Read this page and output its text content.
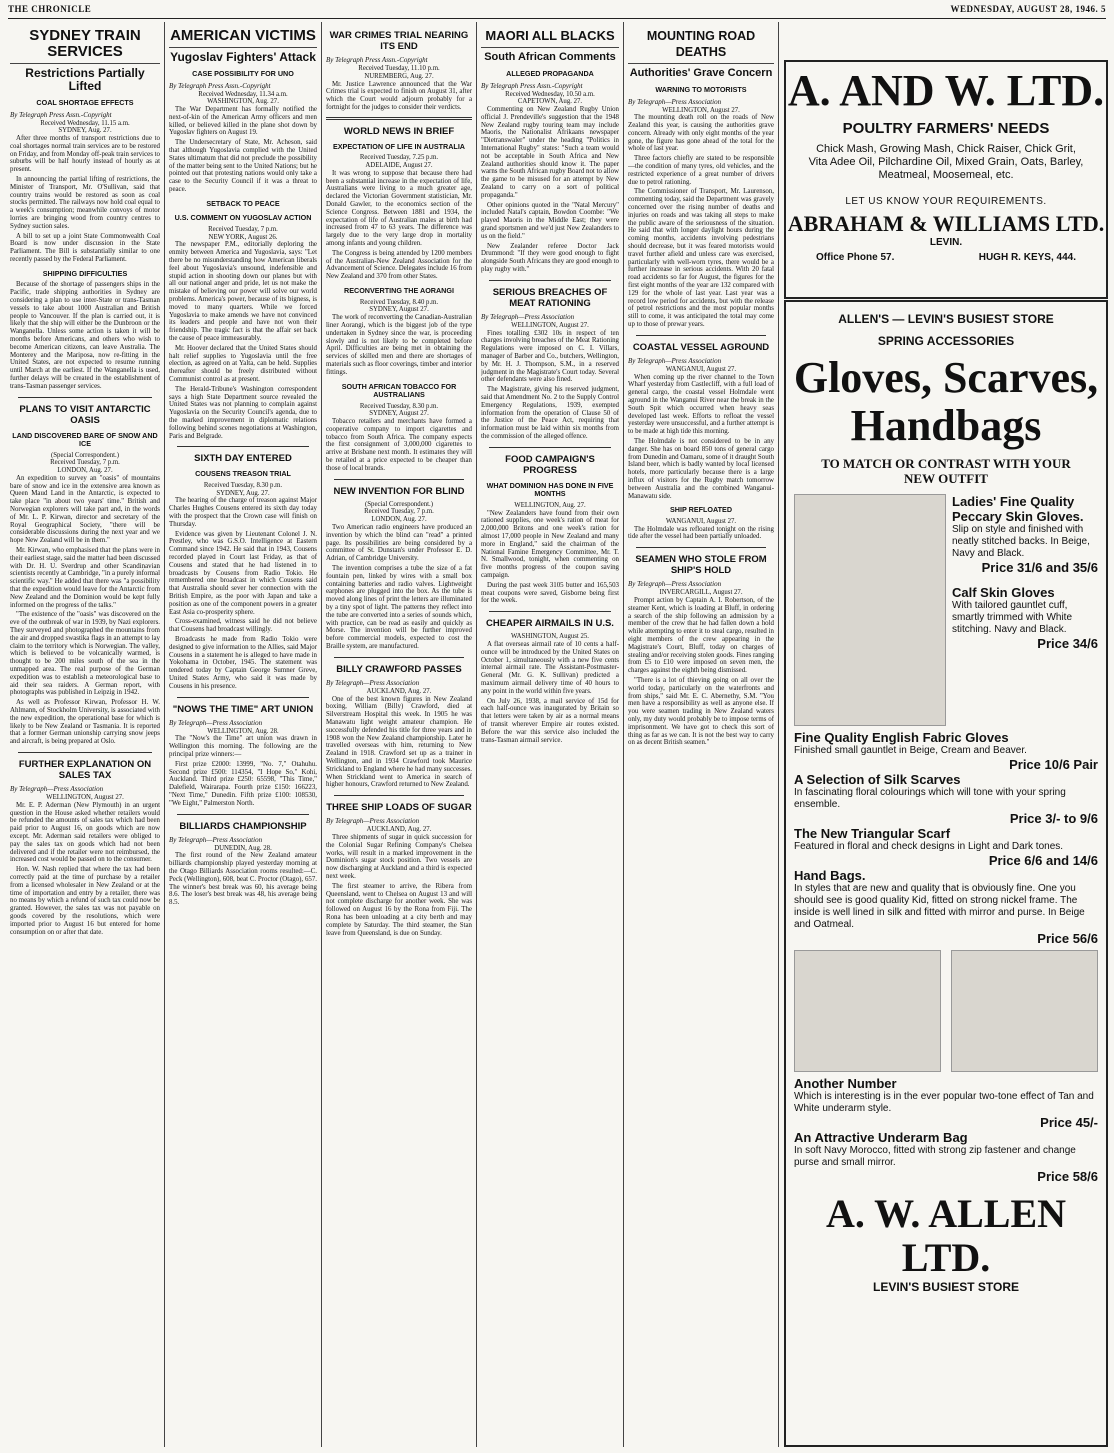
THE CHRONICLE	WEDNESDAY, AUGUST 28, 1946. 5
SYDNEY TRAIN SERVICES
Restrictions Partially Lifted
COAL SHORTAGE EFFECTS
By Telegraph Press Assn.-Copyright
Received Wednesday, 11.15 a.m.
SYDNEY, Aug. 27.

After three months of transport restrictions due to coal shortages normal train services are to be restored on Friday, and from Monday off-peak train services to suburbs will be half hourly instead of hourly as at present.

In announcing the partial lifting of restrictions, the Minister of Transport, Mr. O'Sullivan, said that country trains would be restored as soon as coal stocks permitted. The railways now hold coal equal to a week's consumption; meanwhile convoys of motor lorries are bringing wood from country centres to Sydney suction sales.

A bill to set up a joint State Commonwealth Coal Board is now under discussion in the State Parliament. The Bill is substantially similar to one recently passed by the Federal Parliament.

SHIPPING DIFFICULTIES

Because of the shortage of passengers ships in the Pacific, trade shipping authorities in Sydney are considering a plan to use inter-State or trans-Tasman vessels to take about 1000 Australian and British people to Vancouver. If the plan is carried out, it is likely that the ship will either be the Dunbroon or the Wanganella. Unless some action is taken it will be months before Americans, and others who wish to become American citizens, can leave Australia. The Monterey and the Mariposa, now re-fitting in the United States, are not expected to resume running until March at the earliest. If the Wanganella is used, further delays will be created in the establishment of trans-Tasman passenger services.

PLANS TO VISIT ANTARCTIC OASIS
LAND DISCOVERED BARE OF SNOW AND ICE
(Special Correspondent.)
Received Tuesday, 7 p.m.
LONDON, Aug. 27.

An expedition to survey an "oasis" of mountains bare of snow and ice in the extensive area known as Queen Maud Land in the Antarctic, is expected to take place "in about two years' time." British and Norwegian explorers will take part and, in the words of Mr. L. P. Kirwan, director and secretary of the Royal Geographical Society, "there will be considerable discussions during the next year and we hope New Zealand will be in them."

Mr. Kirwan, who emphasised that the plans were in their earliest stage, said the matter had been discussed with Dr. H. U. Sverdrup and other Scandinavian scientists recently at Cambridge, "in a purely informal scientific way." He added that there was "a possibility that the expedition would leave for the Antarctic from New Zealand and the Dominion would be kept fully informed on the progress of the talks."

"The existence of the "oasis" was discovered on the eve of the outbreak of war in 1939, by Nazi explorers. They surveyed and photographed the mountains from the air and dropped swastika flags in an attempt to lay claim to the territory which is Norwegian. The valley, which is believed to be volcanically warmed, is thought to be 200 miles south of the sea in the unmapped area. The real purpose of the German expedition was to establish a meteorological base to aid their sea raiders. A German report, with photographs was published in Leipzig in 1942.

As well as Professor Kirwan, Professor H. W. Ahlmann, of Stockholm University, is associated with the new expedition, the operational base for which is likely to be New Zealand or Tasmania. It is reported that a former German unionship carrying snow jeeps and aircraft, is being prepared at Oslo.

FURTHER EXPLANATION ON SALES TAX
By Telegraph—Press Association
WELLINGTON, August 27.

Mr. E. P. Aderman (New Plymouth) in an urgent question in the House asked whether retailers would be refunded the amounts of sales tax which had been paid prior to August 16, on goods which are now except. Mr. Aderman said retailers were obliged to pay the sales tax on goods which had not been delivered and if the retailer were not reimbursed, the increased cost would be passed on to the consumer.

Hon. W. Nash replied that where the tax had been correctly paid at the time of purchase by a retailer from a licensed wholesaler in New Zealand or at the time of importation and entry by a retailer, there was no means by which a refund of such tax could now be granted. However, the sales tax was not payable on goods covered by the resolutions, which were imported prior to August 16 but entered for home consumption on or after that date.

AMERICAN VICTIMS
Yugoslav Fighters' Attack
CASE POSSIBILITY FOR UNO
By Telegraph Press Assn.-Copyright
Received Wednesday, 11.34 a.m.
WASHINGTON, Aug. 27.

The War Department has formally notified the next-of-kin of the American Army officers and men killed, or believed killed in the plane shot down by Yugoslav fighters on August 19.

The Undersecretary of State, Mr. Acheson, said that although Yugoslavia complied with the United States ultimatum that did not preclude the possibility of the matter being sent to the United Nations; but he pointed out that protesting nations would only take a case to the Security Council if it was a threat to peace.

SETBACK TO PEACE
U.S. COMMENT ON YUGOSLAV ACTION
Received Tuesday, 7 p.m.
NEW YORK, August 26.

The newspaper P.M., editorially deploring the enmity between America and Yugoslavia, says: "Let there be no misunderstanding how American liberals feel about Yugoslavia's unsound, indefensible and stupid action in shooting down our planes but with all our national anger and pride, let us not make the mistake of believing our power will solve our world problems. America's power, because of its bigness, is moved to many quarters. While we forced Yugoslavia to make amends we have not convinced its leaders and people and have not won their friendship. The tragic fact is that the affair set back the cause of peace immeasurably.

Mr. Hoover declared that the United States should halt relief supplies to Yugoslavia until the free election, as agreed on at Yalta, can be held. Supplies thereafter should be freely distributed without Communist control as at present.

The Herald-Tribune's Washington correspondent says a high State Department source revealed the United States was not planning to complain against Yugoslavia on the Security Council's agenda, due to the marked improvement in diplomatic relations following behind scenes negotiations at Washington, Paris and Belgrade.

SIXTH DAY ENTERED
COUSENS TREASON TRIAL
Received Tuesday, 8.30 p.m.
SYDNEY, Aug. 27.

The hearing of the charge of treason against Major Charles Hughes Cousens entered its sixth day today with the prospect that the Crown case will finish on Thursday.

Evidence was given by Lieutenant Colonel J. N. Prestley, who was G.S.O. Intelligence at Eastern Command since 1942. He said that in 1943, Cousens recorded played in Court last Friday, as that of Cousens and stated that he had listened in to broadcasts by Cousens from Radio Tokio. He remembered one broadcast in which Cousens said that Australia should sever her connection with the British Empire, as the poor with Japan and take a position as one of the component powers in a greater East Asia co-prosperity sphere.

Cross-examined, witness said he did not believe that Cousens had broadcast willingly.

Broadcasts he made from Radio Tokio were designed to give information to the Allies, said Major Cousens in a statement he is alleged to have made in Yokohama in October, 1945. The statement was tendered today by Captain George Sumner Greve, United States Army, who said it was made by Cousens in his presence.

"NOWS THE TIME" ART UNION
By Telegraph—Press Association
WELLINGTON, Aug. 28.

The "Now's the Time" art union was drawn in Wellington this morning. The following are the principal prize winners:—

First prize £2000: 13999, "No. 7," Otahuhu. Second prize £500: 114354, "I Hope So," Kohi, Auckland. Third prize £250: 65598, "This Time," Dalefield, Wairarapa. Fourth prize £150: 166223, "Next Time," Dunedin. Fifth prize £100: 108530, "We Eight," Palmerston North.

BILLIARDS CHAMPIONSHIP
By Telegraph—Press Association
DUNEDIN, Aug. 28.

The first round of the New Zealand amateur billiards championship played yesterday morning at the Otago Billiards Association rooms resulted:—C. Peck (Wellington), 608, beat C. Proctor (Otago), 657. The winner's best break was 60, his average being 8.6. The loser's best break was 48, his average being 8.5.

WAR CRIMES TRIAL NEARING ITS END
By Telegraph Press Assn.-Copyright
Received Tuesday, 11.10 p.m.
NUREMBERG, Aug. 27.

Mr. Justice Lawrence announced that the War Crimes trial is expected to finish on August 31, after which the Court would adjourn probably for a fortnight for the judges to consider their verdicts.

WORLD NEWS IN BRIEF
EXPECTATION OF LIFE IN AUSTRALIA
Received Tuesday, 7.25 p.m.
ADELAIDE, August 27.

It was wrong to suppose that because there had been a substantial increase in the expectation of life, Australians were living to a much greater age, declared the Victorian Government statistician, Mr. Donald Gawler, to the economics section of the Science Congress. Between 1881 and 1934, the expectation of life of Australian males at birth had increased from 47 to 63 years. The difference was largely due to the very large drop in mortality among infants and young children.

The Congress is being attended by 1200 members of the Australian-New Zealand Association for the Advancement of Science. Delegates include 16 from New Zealand and 370 from other States.

RECONVERTING THE AORANGI
Received Tuesday, 8.40 p.m.
SYDNEY, August 27.

The work of reconverting the Canadian-Australian liner Aorangi, which is the biggest job of the type undertaken in Sydney since the war, is proceeding slowly and is not likely to be completed before April. Difficulties are being met in obtaining the services of skilled men and there are shortages of materials such as floor coverings, timber and interior fittings.

SOUTH AFRICAN TOBACCO FOR AUSTRALIANS
Received Tuesday, 8.30 p.m.
SYDNEY, August 27.

Tobacco retailers and merchants have formed a cooperative company to import cigarettes and tobacco from South Africa. The company expects the first consignment of 3,000,000 cigarettes to arrive at Brisbane next month. It estimates they will be retailed at a price expected to be cheaper than those of local brands.

NEW INVENTION FOR BLIND
(Special Correspondent.)
Received Tuesday, 7 p.m.
LONDON, Aug. 27.

Two American radio engineers have produced an invention by which the blind can "read" a printed page. Its possibilities are being considered by a committee of St. Dunstan's under Professor E. D. Adrian, of Cambridge University.

The invention comprises a tube the size of a fat fountain pen, linked by wires with a small box containing batteries and radio valves. Lightweight earphones are plugged into the box. As the tube is moved along lines of print the letters are illuminated by a tiny spot of light. The patterns they reflect into the tube are converted into a series of sounds which, with practice, can be read as easily and quickly as Morse. The invention will be further improved before commercial models, expected to cost the Braille system, are manufactured.

BILLY CRAWFORD PASSES
By Telegraph—Press Association
AUCKLAND, Aug. 27.

One of the best known figures in New Zealand boxing, William (Billy) Crawford, died at Silverstream Hospital this week. In 1905 he was Manawatu light weight amateur champion. He successfully defended his title for three years and in 1908 won the New Zealand championship. Later he travelled overseas with him, returning to New Zealand in 1918. Crawford set up as a trainer in Wellington, and in 1934 Crawford took Maurice Strickland to England where he had many successes. When Strickland went to America in search of higher honours, Crawford returned to New Zealand.

THREE SHIP LOADS OF SUGAR
By Telegraph—Press Association
AUCKLAND, Aug. 27.

Three shipments of sugar in quick succession for the Colonial Sugar Refining Company's Chelsea works, will result in a marked improvement in the Dominion's sugar stock position. Two vessels are now discharging at Auckland and a third is expected next week.

The first steamer to arrive, the Ribera from Queensland, went to Chelsea on August 13 and will not complete discharge for another week. She was followed on August 16 by the Rona from Fiji. The Rona has been unloading at a city berth and may complete by Saturday. The third steamer, the Stan leave from Queensland, is due on Sunday.

MAORI ALL BLACKS
South African Comments
ALLEGED PROPAGANDA
By Telegraph Press Assn.-Copyright
Received Wednesday, 10.50 a.m.
CAPETOWN, Aug. 27.

Commenting on New Zealand Rugby Union official J. Prendeville's suggestion that the 1948 New Zealand rugby touring team may include Maoris, the Nationalist Afrikaans newspaper "Dietranswaler" under the heading "Politics in International Rugby" states: "Such a team would not be acceptable in South Africa and New Zealand authorities should know it. The paper warns the South African rugby Board not to allow the game to be misused for an attempt by New Zealand to carry on a sort of political propaganda."

Other opinions quoted in the "Natal Mercury" included Natal's captain, Bowdon Coombe: "We played Maoris in the Middle East; they were grand sportsmen and we'd just New Zealanders to us on the field."

New Zealander referee Doctor Jack Drummond: "If they were good enough to fight alongside South Africans they are good enough to play rugby with."

SERIOUS BREACHES OF MEAT RATIONING
By Telegraph—Press Association
WELLINGTON, August 27.

Fines totalling £302 10s in respect of ten charges involving breaches of the Meat Rationing Regulations were imposed on C. I. Villars, manager of Barber and Co., butchers, Wellington, by Mr. H. J. Thompson, S.M., in a reserved judgment in the Magistrate's Court today. Several other defendants were also fined.

The Magistrate, giving his reserved judgment, said that Amendment No. 2 to the Supply Control Emergency Regulations, 1939, exempted information from the operation of Clause 50 of the Justice of the Peace Act, requiring that information must be laid within six months from the commission of the alleged offence.

FOOD CAMPAIGN'S PROGRESS
WHAT DOMINION HAS DONE IN FIVE MONTHS
WELLINGTON, Aug. 27.

"New Zealanders have found from their own rationed supplies, one week's ration of meat for 2,000,000 Britons and one week's ration for almost 17,000 people in New Zealand and many more in England," said the chairman of the National Famine Emergency Committee, Mr. T. N. Smallwood, tonight, when commenting on five months progress of the coupon saving campaign.

During the past week 3105 butter and 165,503 meat coupons were saved, Gisborne being first for the week.

CHEAPER AIRMAILS IN U.S.
WASHINGTON, August 25.

A flat overseas airmail rate of 10 cents a half-ounce will be introduced by the United States on October 1, simultaneously with a new five cents internal airmail rate. The Assistant-Postmaster-General (Mr. G. K. Sullivan) predicted a maximum airmail delivery time of 40 hours to any point in the world within five years.

On July 26, 1938, a mail service of 15d for each half-ounce was inaugurated by Britain so that letters were taken by air as a normal means of transit wherever Empire air routes existed. Before the war this service also included the trans-Tasman airmail service.

MOUNTING ROAD DEATHS
Authorities' Grave Concern
WARNING TO MOTORISTS
By Telegraph—Press Association
WELLINGTON, August 27.

The mounting death roll on the roads of New Zealand this year, is causing the authorities grave concern. Already with only eight months of the year gone, the figure has gone ahead of the total for the whole of last year.

Three factors chiefly are stated to be responsible—the condition of many tyres, old vehicles, and the restricted experience of a great number of drivers due to petrol rationing.

The Commissioner of Transport, Mr. Laurenson, commenting today, said the Department was gravely concerned over the rising number of deaths and injuries on roads and was taking all steps to make the public aware of the seriousness of the situation. He said that with longer daylight hours during the coming months, accidents involving pedestrians should decrease, but it was feared motorists would travel further afield and unless care was exercised, particularly with well-worn tyres, there would be a further increase in serious accidents. With 20 fatal road accidents so far for August, the figures for the first eight months of the year are 132 compared with 129 for the whole of last year. Last year was a record low period for accidents, but with the release of petrol restrictions and the most popular months still to come, it was anticipated the total may come up to those of prewar years.

COASTAL VESSEL AGROUND
By Telegraph—Press Association
WANGANUI, August 27.

When coming up the river channel to the Town Wharf yesterday from Castlecliff, with a full load of general cargo, the coastal vessel Holmdale went aground in the Wanganui River near the break in the South Spit which occurred when heavy seas developed last week. Efforts to refloat the vessel yesterday were unsuccessful, and a further attempt is to be made at high tide this morning.

The Holmdale is not considered to be in any danger. She has on board 850 tons of general cargo from Dunedin and Oamaru, some of it draught South Island beer, which is badly wanted by local licensed hotels, more particularly because there is a large influx of visitors for the Rugby match tomorrow between Australia and the combined Wanganui-Manawatu side.

SHIP REFLOATED
WANGANUI, August 27.

The Holmdale was refloated tonight on the rising tide after the vessel had been partially unloaded.

SEAMEN WHO STOLE FROM SHIP'S HOLD
By Telegraph—Press Association
INVERCARGILL, August 27.

Prompt action by Captain A. I. Robertson, of the steamer Kent, which is loading at Bluff, in ordering a search of the ship following an admission by a member of the crew that he had fallen down a hold while attempting to enter it to steal cargo, resulted in eight members of the crew appearing in the Magistrate's Court, Bluff, today on charges of stealing and/or receiving stolen goods. Fines ranging from £5 to £10 were imposed on seven men, the charges against the eighth being dismissed.

"There is a lot of thieving going on all over the world today, particularly on the waterfronts and from ships," said Mr. E. C. Abernethy, S.M. "You men have a responsibility as well as anyone else. If you were seamen trading in New Zealand waters only, my duty would probably be to impose terms of imprisonment. We have got to check this sort of thing as far as we can. It is not the best way to carry on as decent British seamen."

A. AND W. LTD.
POULTRY FARMERS' NEEDS
Chick Mash, Growing Mash, Chick Raiser, Chick Grit, Vita Adee Oil, Pilchardine Oil, Mixed Grain, Oats, Barley, Meatmeal, Moosemeal, etc.
LET US KNOW YOUR REQUIREMENTS.
ABRAHAM & WILLIAMS LTD.
LEVIN.
Office Phone 57.	HUGH R. KEYS, 444.
ALLEN'S — LEVIN'S BUSIEST STORE
SPRING ACCESSORIES
Gloves, Scarves,
Handbags
TO MATCH OR CONTRAST WITH YOUR NEW OUTFIT
Ladies' Fine Quality Peccary Skin Gloves.
Slip on style and finished with neatly stitched backs. In Beige, Navy and Black.
Price 31/6 and 35/6
Calf Skin Gloves
With tailored gauntlet cuff, smartly trimmed with White stitching. Navy and Black.
Price 34/6
Fine Quality English Fabric Gloves
Finished small gauntlet in Beige, Cream and Beaver.
Price 10/6 Pair
A Selection of Silk Scarves
In fascinating floral colourings which will tone with your spring ensemble.
Price 3/- to 9/6
The New Triangular Scarf
Featured in floral and check designs in Light and Dark tones.
Price 6/6 and 14/6
Hand Bags.
In styles that are new and quality that is obviously fine. One you should see is good quality Kid, fitted on strong nickel frame. The inside is well lined in silk and fitted with mirror and purse. In Beige and Oatmeal.
Price 56/6
Another Number
Which is interesting is in the ever popular two-tone effect of Tan and White underarm style.
Price 45/-
An Attractive Underarm Bag
In soft Navy Morocco, fitted with strong zip fastener and change purse and small mirror.
Price 58/6
A. W. ALLEN LTD.
LEVIN'S BUSIEST STORE
